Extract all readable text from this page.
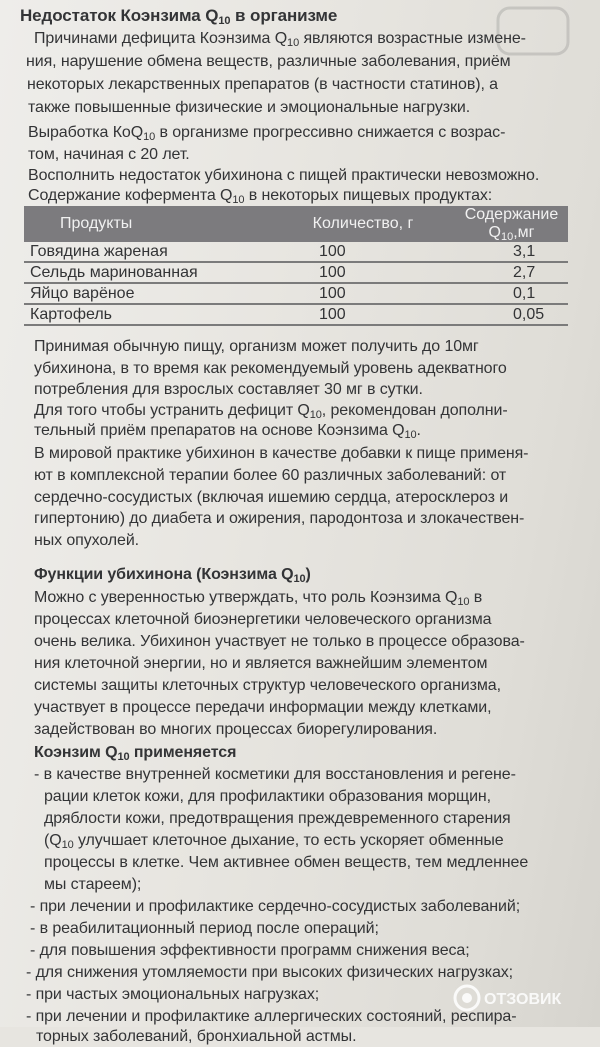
Недостаток Коэнзима $Q_{10}$ в организме
Причинами дефицита Коэнзима $Q_{10}$ являются возрастные измене-
ния, нарушение обмена веществ, различные заболевания, приём
некоторых лекарственных препаратов (в частности статинов), а
также повышенные физические и эмоциональные нагрузки.
Выработка КоQ$_{10}$ в организме прогрессивно снижается с возрас-
том, начиная с 20 лет.
Восполнить недостаток убихинона с пищей практически невозможно.
Содержание кофермента $Q_{10}$ в некоторых пищевых продуктах:
Продукты	Количество, г	Содержание $Q_{10},мг$
Говядина жареная	100	3,1
Сельдь маринованная	100	2,7
Яйцо варёное	100	0,1
Картофель	100	0,05
Принимая обычную пищу, организм может получить до 10мг
убихинона, в то время как рекомендуемый уровень адекватного
потребления для взрослых составляет 30 мг в сутки.
Для того чтобы устранить дефицит $Q_{10}$, рекомендован дополни-
тельный приём препаратов на основе Коэнзима $Q_{10}$.
В мировой практике убихинон в качестве добавки к пище применя-
ют в комплексной терапии более 60 различных заболеваний: от
сердечно-сосудистых (включая ишемию сердца, атеросклероз и
гипертонию) до диабета и ожирения, пародонтоза и злокачествен-
ных опухолей.
Функции убихинона (Коэнзима $Q_{10}$)
Можно с уверенностью утверждать, что роль Коэнзима $Q_{10}$ в
процессах клеточной биоэнергетики человеческого организма
очень велика. Убихинон участвует не только в процессе образова-
ния клеточной энергии, но и является важнейшим элементом
системы защиты клеточных структур человеческого организма,
участвует в процессе передачи информации между клетками,
задействован во многих процессах биорегулирования.
Коэнзим $Q_{10}$ применяется
- в качестве внутренней косметики для восстановления и регене-
рации клеток кожи, для профилактики образования морщин,
дряблости кожи, предотвращения преждевременного старения
($Q_{10}$ улучшает клеточное дыхание, то есть ускоряет обменные
процессы в клетке. Чем активнее обмен веществ, тем медленнее
мы стареем);
- при лечении и профилактике сердечно-сосудистых заболеваний;
- в реабилитационный период после операций;
- для повышения эффективности программ снижения веса;
- для снижения утомляемости при высоких физических нагрузках;
- при частых эмоциональных нагрузках;
- при лечении и профилактике аллергических состояний, респира-
торных заболеваний, бронхиальной астмы.
ОТЗОВИК
